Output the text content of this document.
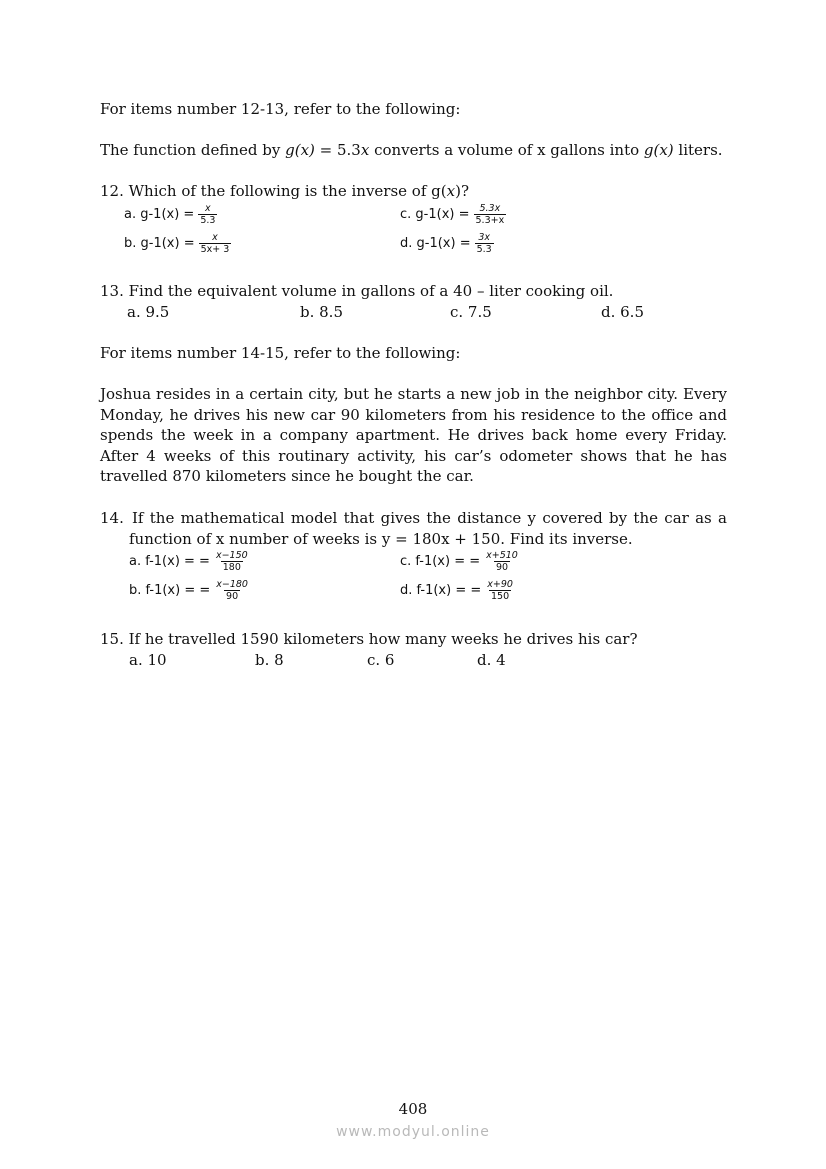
For items number 12-13, refer to the following:
The function defined by g(x) = 5.3x converts a volume of x gallons into g(x) liters.
12. Which of the following is the inverse of g(x)?
a. $g-1(x) = \frac{x}{5.3}$
b. $g-1(x) = \frac{x}{5x+ 3}$
c. $g-1(x) = \frac{5.3x}{5.3+x}$
d. $g-1(x) = \frac{3x}{5.3}$
13. Find the equivalent volume in gallons of a 40 – liter cooking oil.
a. 9.5	b. 8.5	c. 7.5	d. 6.5
For items number 14-15, refer to the following:
Joshua resides in a certain city, but he starts a new job in the neighbor city. Every Monday, he drives his new car 90 kilometers from his residence to the office and spends the week in a company apartment. He drives back home every Friday. After 4 weeks of this routinary activity, his car’s odometer shows that he has travelled 870 kilometers since he bought the car.
14. If the mathematical model that gives the distance y covered by the car as a function of x number of weeks is y = 180x + 150. Find its inverse.
a. f-1(x) = = $\frac{x-150}{180}$
b. f-1(x) = = $\frac{x-180}{90}$
c. f-1(x) = = $\frac{x+510}{90}$
d. f-1(x) = = $\frac{x+90}{150}$
15. If he travelled 1590 kilometers how many weeks he drives his car?
a. 10	b. 8	c. 6	d. 4
408
www.modyul.online
